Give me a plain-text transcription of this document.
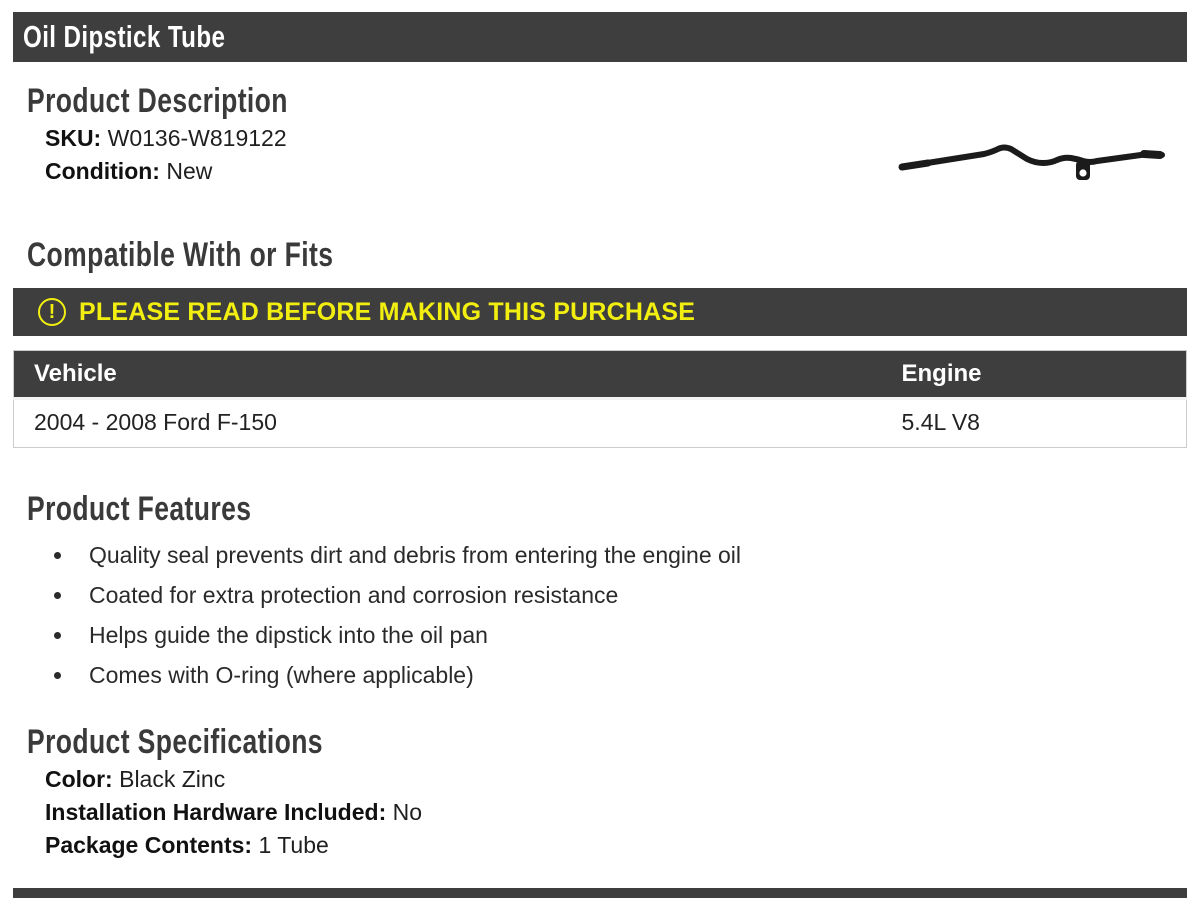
Oil Dipstick Tube
Product Description
SKU: W0136-W819122
Condition: New
Compatible With or Fits
! PLEASE READ BEFORE MAKING THIS PURCHASE
Vehicle	Engine
2004 - 2008 Ford F-150	5.4L V8
Product Features
• Quality seal prevents dirt and debris from entering the engine oil
• Coated for extra protection and corrosion resistance
• Helps guide the dipstick into the oil pan
• Comes with O-ring (where applicable)
Product Specifications
Color: Black Zinc
Installation Hardware Included: No
Package Contents: 1 Tube
